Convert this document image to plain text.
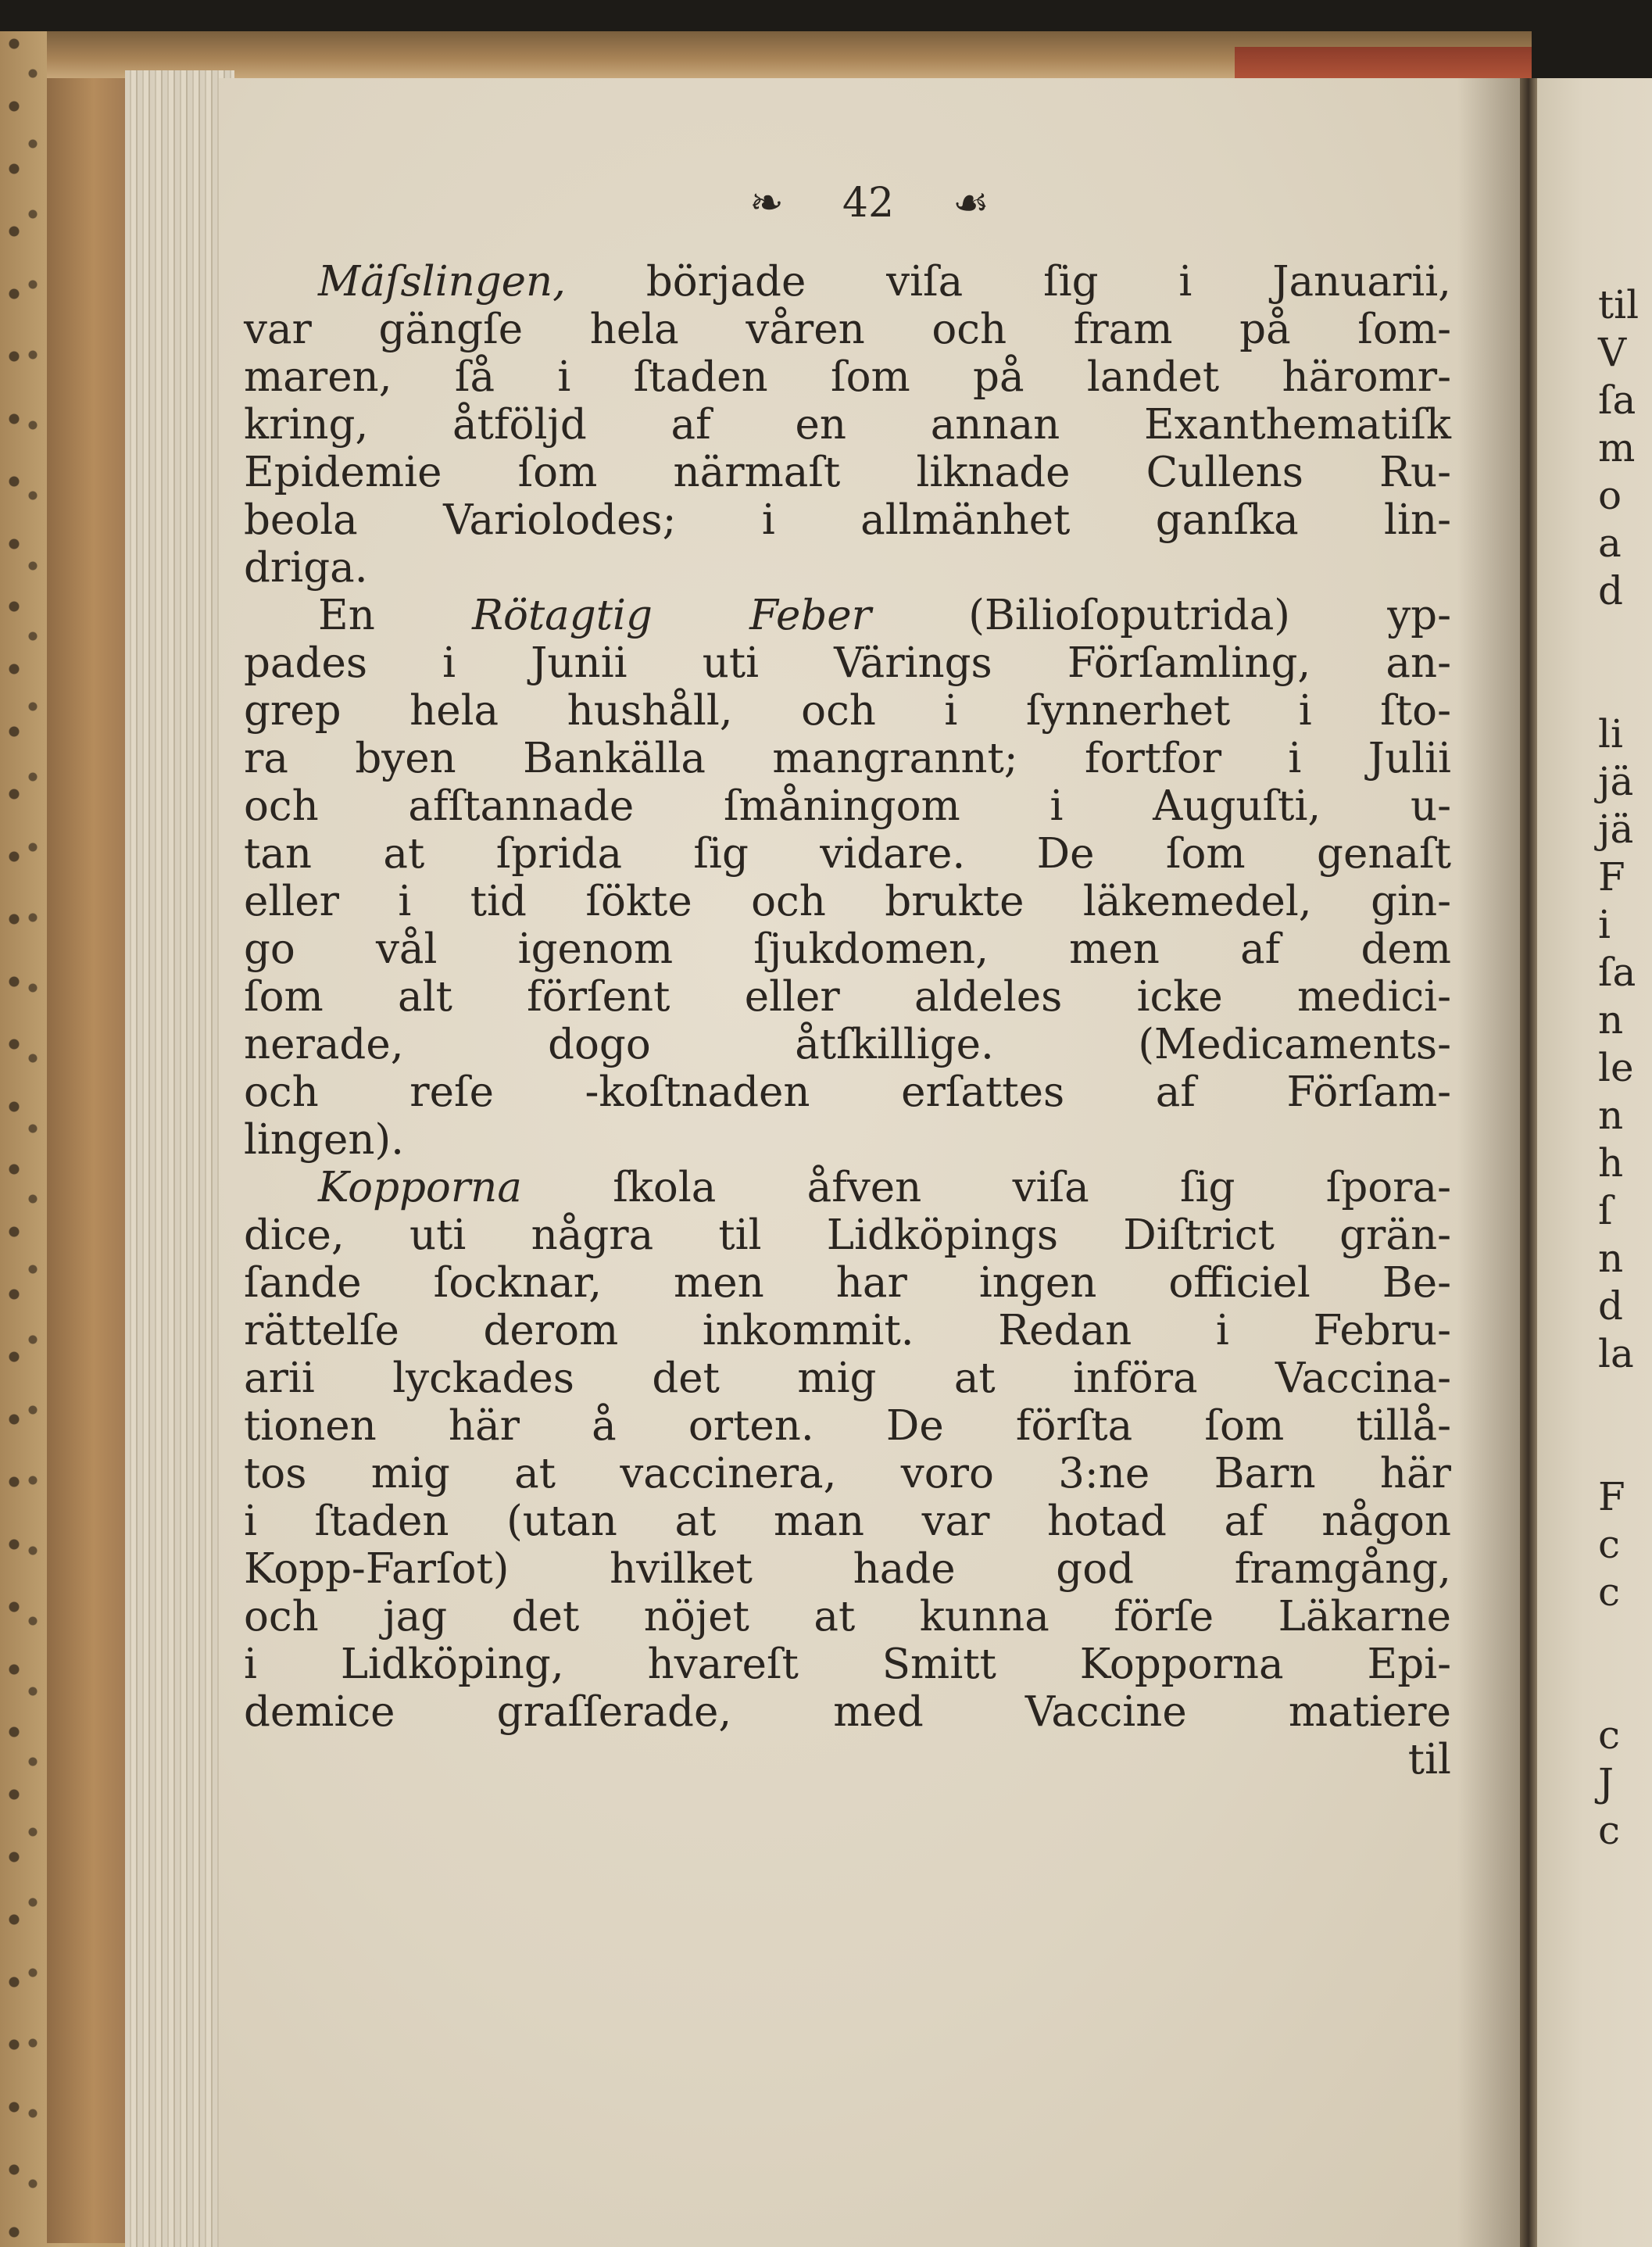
❧ 42 ☙
Mäſslingen, började viſa ſig i Januarii,
var gängſe hela våren och fram på ſom-
maren, ſå i ſtaden ſom på landet häromr-
kring, åtföljd af en annan Exanthematiſk
Epidemie ſom närmaſt liknade Cullens Ru-
beola Variolodes; i allmänhet ganſka lin-
driga.
En Rötagtig Feber (Bilioſoputrida) yp-
pades i Junii uti Värings Förſamling, an-
grep hela hushåll, och i ſynnerhet i ſto-
ra byen Bankälla mangrannt; fortfor i Julii
och afſtannade ſmåningom i Auguſti, u-
tan at ſprida ſig vidare. De ſom genaſt
eller i tid ſökte och brukte läkemedel, gin-
go vål igenom ſjukdomen, men af dem
ſom alt förſent eller aldeles icke medici-
nerade, dogo åtſkillige. (Medicaments-
och reſe -koſtnaden erſattes af Förſam-
lingen).
Kopporna ſkola åfven viſa ſig ſpora-
dice, uti några til Lidköpings Diſtrict grän-
ſande ſocknar, men har ingen officiel Be-
rättelſe derom inkommit. Redan i Febru-
arii lyckades det mig at införa Vaccina-
tionen här å orten. De förſta ſom tillå-
tos mig at vaccinera, voro 3:ne Barn här
i ſtaden (utan at man var hotad af någon
Kopp-Farſot) hvilket hade god framgång,
och jag det nöjet at kunna förſe Läkarne
i Lidköping, hvareſt Smitt Kopporna Epi-
demice graſſerade, med Vaccine matiere
til
til
V
ſa
m
o
a
d
li
jä
jä
F
i
ſa
n
le
n
h
ſ
n
d
la
F
c
c
c
J
c
